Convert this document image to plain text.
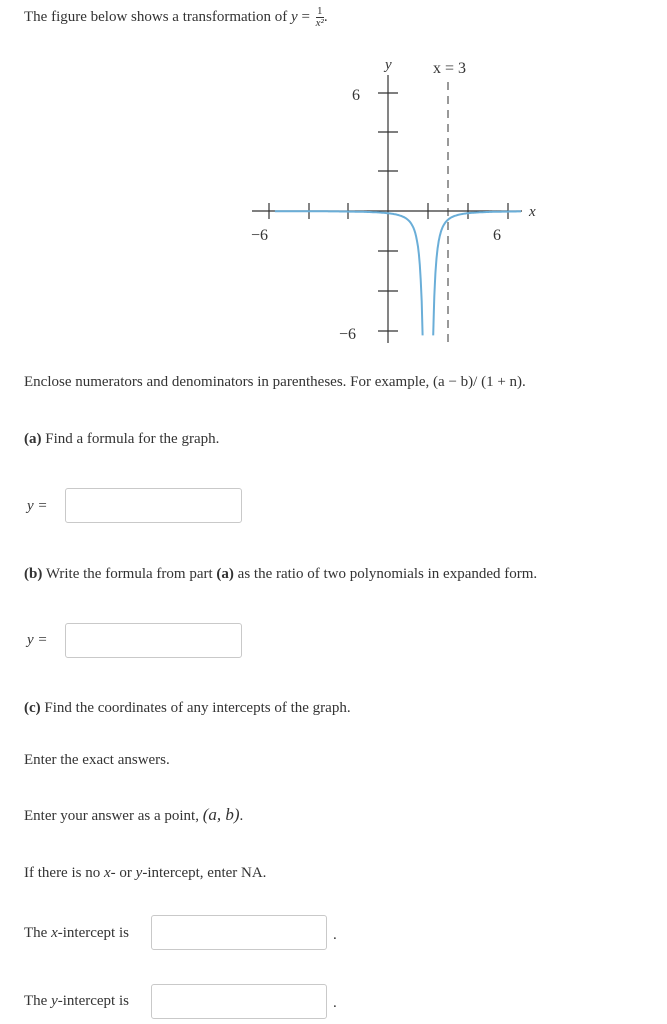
The figure below shows a transformation of $y = \frac{1}{\text{x²}}$ .
y
x
x = 3
6
−6
−6	6
Enclose numerators and denominators in parentheses. For example, (a − b)/ (1 + n).
(a) Find a formula for the graph.
y =
(b) Write the formula from part (a) as the ratio of two polynomials in expanded form.
y =
(c) Find the coordinates of any intercepts of the graph.
Enter the exact answers.
Enter your answer as a point, (a, b).
If there is no x- or y-intercept, enter NA.
The x-intercept is	.
The y-intercept is	.
